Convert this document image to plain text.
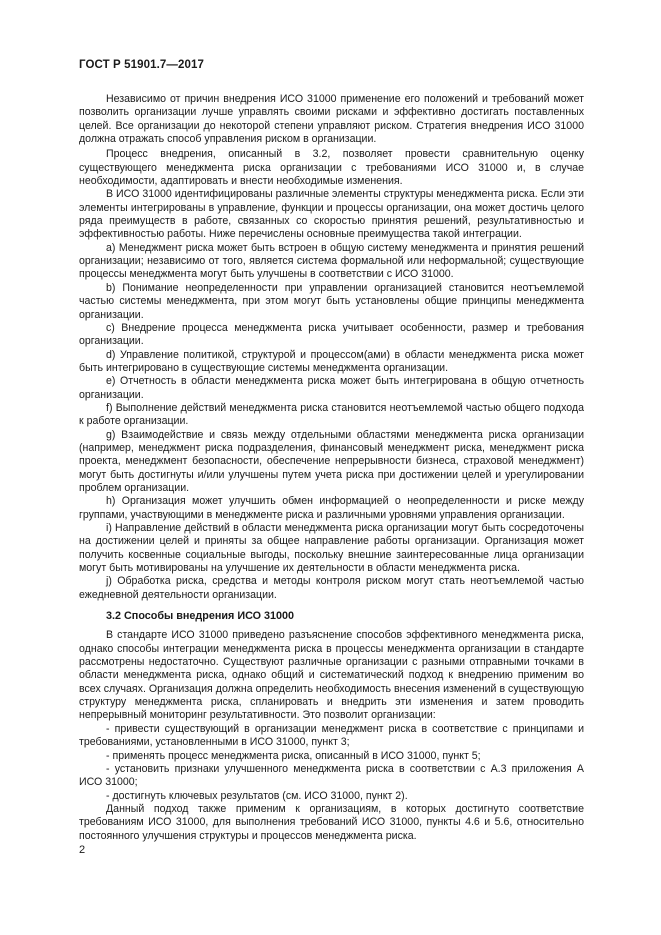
ГОСТ Р 51901.7—2017

Независимо от причин внедрения ИСО 31000 применение его положений и требований может позволить организации лучше управлять своими рисками и эффективно достигать поставленных целей. Все организации до некоторой степени управляют риском. Стратегия внедрения ИСО 31000 должна отражать способ управления риском в организации.

Процесс внедрения, описанный в 3.2, позволяет провести сравнительную оценку существующего менеджмента риска организации с требованиями ИСО 31000 и, в случае необходимости, адаптировать и внести необходимые изменения.

В ИСО 31000 идентифицированы различные элементы структуры менеджмента риска. Если эти элементы интегрированы в управление, функции и процессы организации, она может достичь целого ряда преимуществ в работе, связанных со скоростью принятия решений, результативностью и эффективностью работы. Ниже перечислены основные преимущества такой интеграции.

a) Менеджмент риска может быть встроен в общую систему менеджмента и принятия решений организации; независимо от того, является система формальной или неформальной; существующие процессы менеджмента могут быть улучшены в соответствии с ИСО 31000.

b) Понимание неопределенности при управлении организацией становится неотъемлемой частью системы менеджмента, при этом могут быть установлены общие принципы менеджмента организации.

c) Внедрение процесса менеджмента риска учитывает особенности, размер и требования организации.

d) Управление политикой, структурой и процессом(ами) в области менеджмента риска может быть интегрировано в существующие системы менеджмента организации.

e) Отчетность в области менеджмента риска может быть интегрирована в общую отчетность организации.

f) Выполнение действий менеджмента риска становится неотъемлемой частью общего подхода к работе организации.

g) Взаимодействие и связь между отдельными областями менеджмента риска организации (например, менеджмент риска подразделения, финансовый менеджмент риска, менеджмент риска проекта, менеджмент безопасности, обеспечение непрерывности бизнеса, страховой менеджмент) могут быть достигнуты и/или улучшены путем учета риска при достижении целей и урегулировании проблем организации.

h) Организация может улучшить обмен информацией о неопределенности и риске между группами, участвующими в менеджменте риска и различными уровнями управления организации.

i) Направление действий в области менеджмента риска организации могут быть сосредоточены на достижении целей и приняты за общее направление работы организации. Организация может получить косвенные социальные выгоды, поскольку внешние заинтересованные лица организации могут быть мотивированы на улучшение их деятельности в области менеджмента риска.

j) Обработка риска, средства и методы контроля риском могут стать неотъемлемой частью ежедневной деятельности организации.

3.2 Способы внедрения ИСО 31000

В стандарте ИСО 31000 приведено разъяснение способов эффективного менеджмента риска, однако способы интеграции менеджмента риска в процессы менеджмента организации в стандарте рассмотрены недостаточно. Существуют различные организации с разными отправными точками в области менеджмента риска, однако общий и систематический подход к внедрению применим во всех случаях. Организация должна определить необходимость внесения изменений в существующую структуру менеджмента риска, спланировать и внедрить эти изменения и затем проводить непрерывный мониторинг результативности. Это позволит организации:

- привести существующий в организации менеджмент риска в соответствие с принципами и требованиями, установленными в ИСО 31000, пункт 3;

- применять процесс менеджмента риска, описанный в ИСО 31000, пункт 5;

- установить признаки улучшенного менеджмента риска в соответствии с А.3 приложения А ИСО 31000;

- достигнуть ключевых результатов (см. ИСО 31000, пункт 2).

Данный подход также применим к организациям, в которых достигнуто соответствие требованиям ИСО 31000, для выполнения требований ИСО 31000, пункты 4.6 и 5.6, относительно постоянного улучшения структуры и процессов менеджмента риска.

2
